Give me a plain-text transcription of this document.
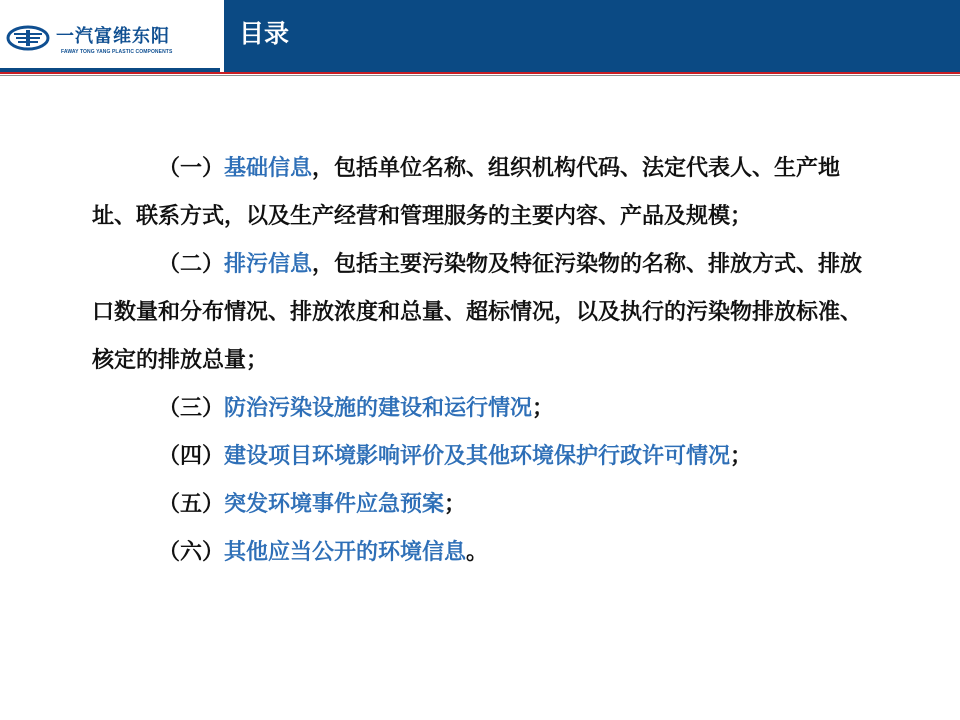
一汽富维东阳
FAWAY TONG YANG PLASTIC COMPONENTS
目录

（一）基础信息，包括单位名称、组织机构代码、法定代表人、生产地址、联系方式，以及生产经营和管理服务的主要内容、产品及规模；

（二）排污信息，包括主要污染物及特征污染物的名称、排放方式、排放口数量和分布情况、排放浓度和总量、超标情况，以及执行的污染物排放标准、核定的排放总量；

（三）防治污染设施的建设和运行情况；

（四）建设项目环境影响评价及其他环境保护行政许可情况；

（五）突发环境事件应急预案；

（六）其他应当公开的环境信息。
